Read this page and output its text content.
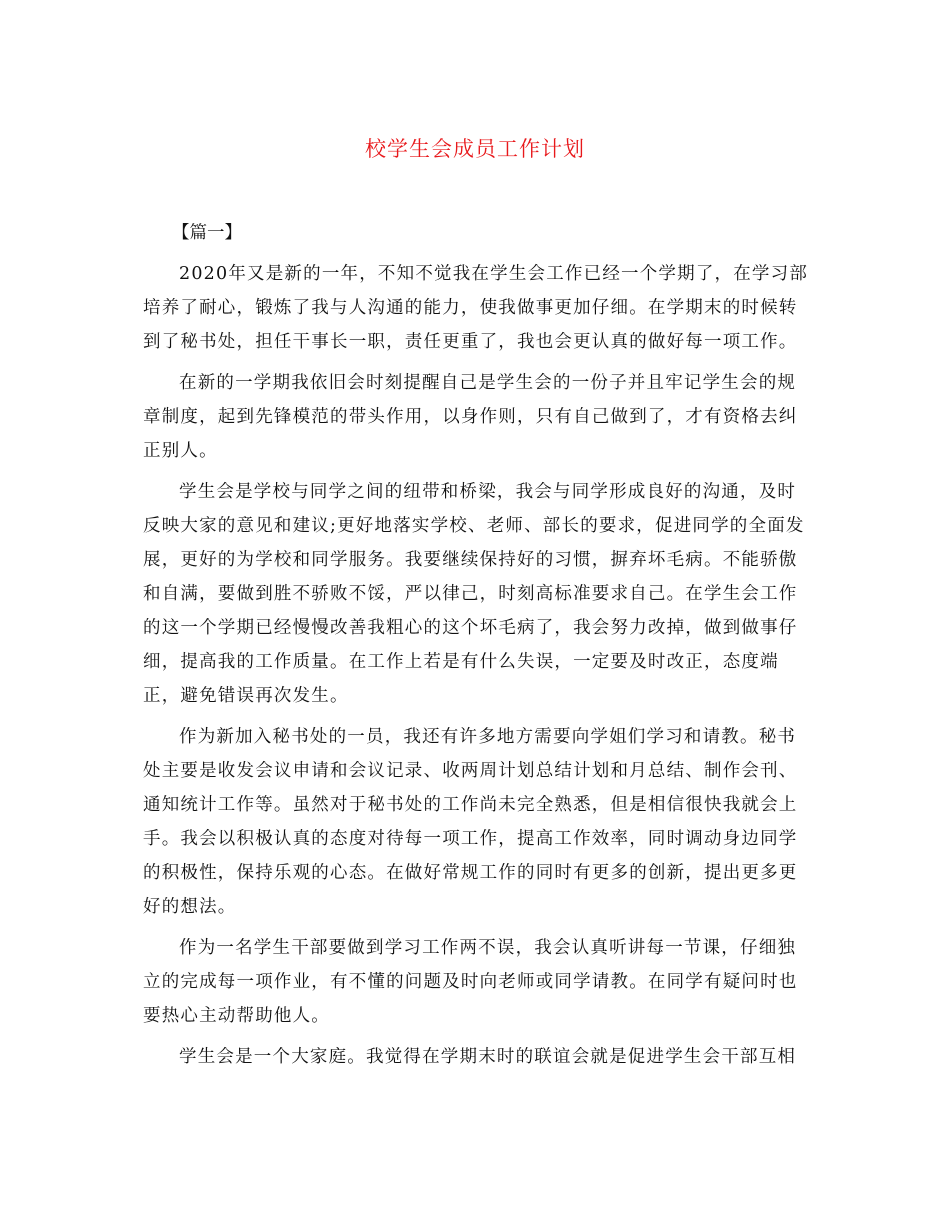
校学生会成员工作计划
【篇一】
2020年又是新的一年，不知不觉我在学生会工作已经一个学期了，在学习部
培养了耐心，锻炼了我与人沟通的能力，使我做事更加仔细。在学期末的时候转
到了秘书处，担任干事长一职，责任更重了，我也会更认真的做好每一项工作。
在新的一学期我依旧会时刻提醒自己是学生会的一份子并且牢记学生会的规
章制度，起到先锋模范的带头作用，以身作则，只有自己做到了，才有资格去纠
正别人。
学生会是学校与同学之间的纽带和桥梁，我会与同学形成良好的沟通，及时
反映大家的意见和建议;更好地落实学校、老师、部长的要求，促进同学的全面发
展，更好的为学校和同学服务。我要继续保持好的习惯，摒弃坏毛病。不能骄傲
和自满，要做到胜不骄败不馁，严以律己，时刻高标准要求自己。在学生会工作
的这一个学期已经慢慢改善我粗心的这个坏毛病了，我会努力改掉，做到做事仔
细，提高我的工作质量。在工作上若是有什么失误，一定要及时改正，态度端
正，避免错误再次发生。
作为新加入秘书处的一员，我还有许多地方需要向学姐们学习和请教。秘书
处主要是收发会议申请和会议记录、收两周计划总结计划和月总结、制作会刊、
通知统计工作等。虽然对于秘书处的工作尚未完全熟悉，但是相信很快我就会上
手。我会以积极认真的态度对待每一项工作，提高工作效率，同时调动身边同学
的积极性，保持乐观的心态。在做好常规工作的同时有更多的创新，提出更多更
好的想法。
作为一名学生干部要做到学习工作两不误，我会认真听讲每一节课，仔细独
立的完成每一项作业，有不懂的问题及时向老师或同学请教。在同学有疑问时也
要热心主动帮助他人。
学生会是一个大家庭。我觉得在学期末时的联谊会就是促进学生会干部互相
